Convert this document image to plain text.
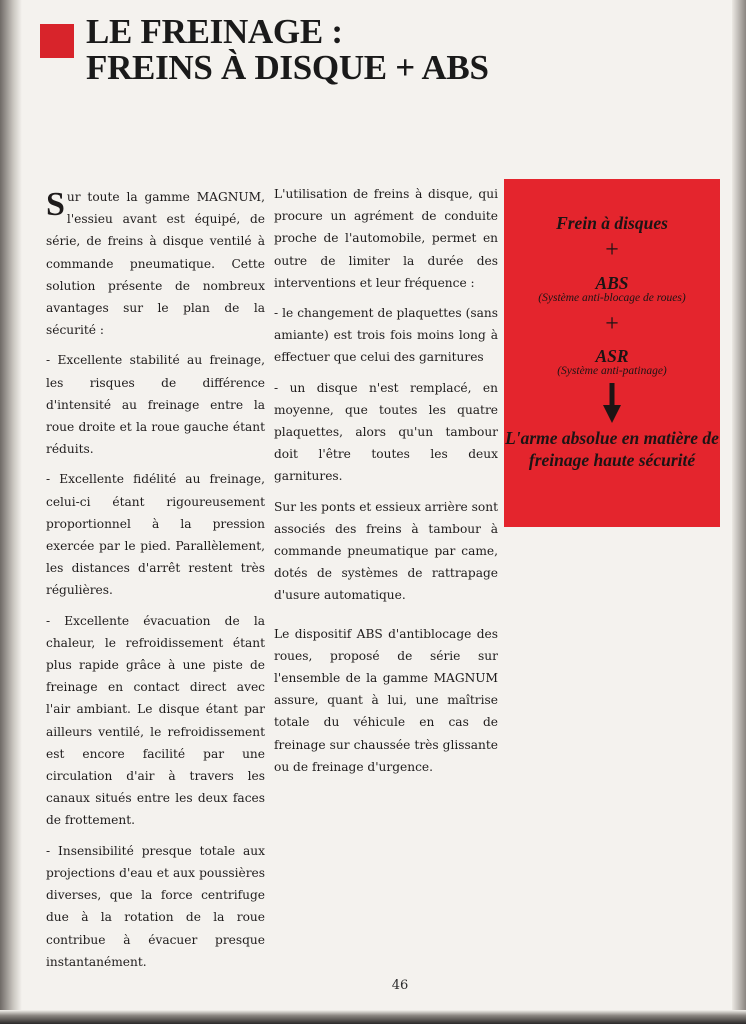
LE FREINAGE :
FREINS À DISQUE + ABS

Sur toute la gamme MAGNUM, l'essieu avant est équipé, de série, de freins à disque ventilé à commande pneumatique. Cette solution présente de nombreux avantages sur le plan de la sécurité :

- Excellente stabilité au freinage, les risques de différence d'intensité au freinage entre la roue droite et la roue gauche étant réduits.

- Excellente fidélité au freinage, celui-ci étant rigoureusement proportionnel à la pression exercée par le pied. Parallèlement, les distances d'arrêt restent très régulières.

- Excellente évacuation de la chaleur, le refroidissement étant plus rapide grâce à une piste de freinage en contact direct avec l'air ambiant. Le disque étant par ailleurs ventilé, le refroidissement est encore facilité par une circulation d'air à travers les canaux situés entre les deux faces de frottement.

- Insensibilité presque totale aux projections d'eau et aux poussières diverses, que la force centrifuge due à la rotation de la roue contribue à évacuer presque instantanément.

L'utilisation de freins à disque, qui procure un agrément de conduite proche de l'automobile, permet en outre de limiter la durée des interventions et leur fréquence :

- le changement de plaquettes (sans amiante) est trois fois moins long à effectuer que celui des garnitures

- un disque n'est remplacé, en moyenne, que toutes les quatre plaquettes, alors qu'un tambour doit l'être toutes les deux garnitures.

Sur les ponts et essieux arrière sont associés des freins à tambour à commande pneumatique par came, dotés de systèmes de rattrapage d'usure automatique.

Le dispositif ABS d'antiblocage des roues, proposé de série sur l'ensemble de la gamme MAGNUM assure, quant à lui, une maîtrise totale du véhicule en cas de freinage sur chaussée très glissante ou de freinage d'urgence.

Frein à disques
+
ABS
(Système anti-blocage de roues)
+
ASR
(Système anti-patinage)
L'arme absolue en matière de freinage haute sécurité
46
